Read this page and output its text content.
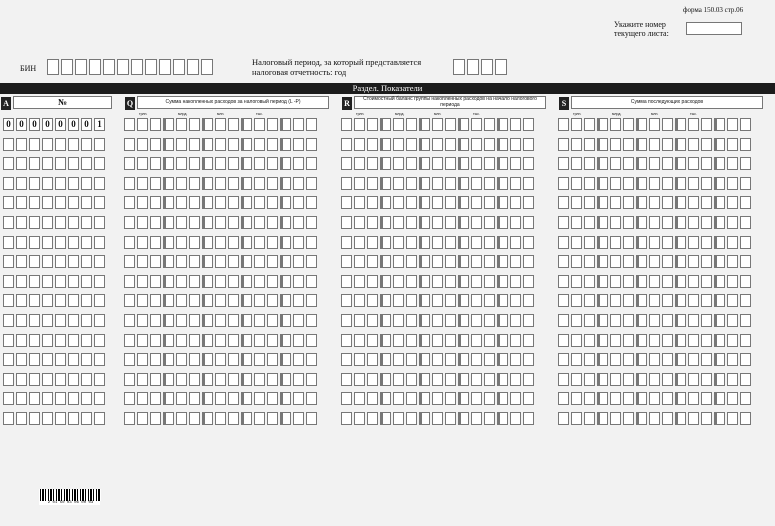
форма 150.03 стр.06
Укажите номер текущего листа:
БИН
Налоговый период, за который представляется налоговая отчетность: год
Раздел. Показатели
A	№	Q	Сумма накопленных расходов за налоговый период (L -P)	R	Стоимостный баланс группы накопленных расходов на начало налогового периода	S	Сумма последующих расходов
трлн.	млрд.	млн.	тыс.	трлн.	млрд.	млн.	тыс.	трлн.	млрд.	млн.	тыс.
0 0 0 0 0 0 0 1
2 01 50 03 06 00 03
